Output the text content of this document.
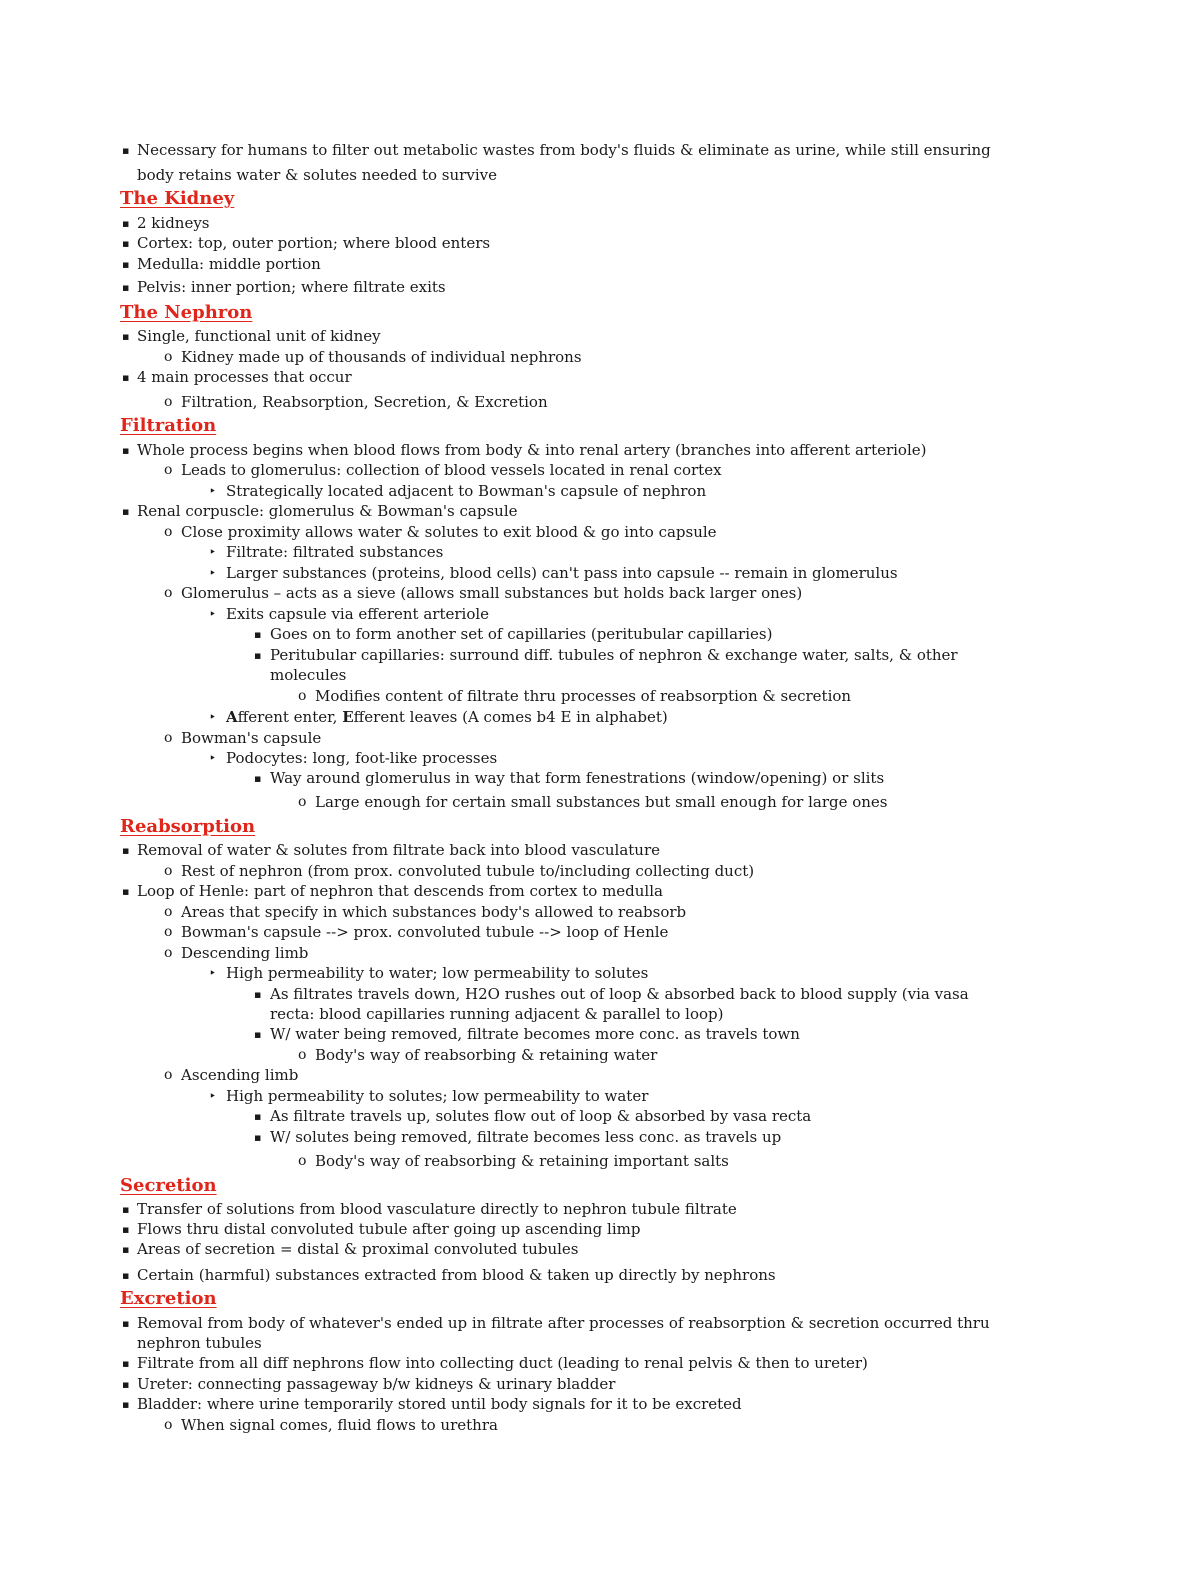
▪
Necessary for humans to filter out metabolic wastes from body's fluids & eliminate as urine, while still ensuring
body retains water & solutes needed to survive
The Kidney
▪
2 kidneys
▪
Cortex: top, outer portion; where blood enters
▪
Medulla: middle portion
▪
Pelvis: inner portion; where filtrate exits
The Nephron
▪
Single, functional unit of kidney
o
Kidney made up of thousands of individual nephrons
▪
4 main processes that occur
o
Filtration, Reabsorption, Secretion, & Excretion
Filtration
▪
Whole process begins when blood flows from body & into renal artery (branches into afferent arteriole)
o
Leads to glomerulus: collection of blood vessels located in renal cortex
‣
Strategically located adjacent to Bowman's capsule of nephron
▪
Renal corpuscle: glomerulus & Bowman's capsule
o
Close proximity allows water & solutes to exit blood & go into capsule
‣
Filtrate: filtrated substances
‣
Larger substances (proteins, blood cells) can't pass into capsule -- remain in glomerulus
o
Glomerulus – acts as a sieve (allows small substances but holds back larger ones)
‣
Exits capsule via efferent arteriole
▪
Goes on to form another set of capillaries (peritubular capillaries)
▪
Peritubular capillaries: surround diff. tubules of nephron & exchange water, salts, & other
molecules
o
Modifies content of filtrate thru processes of reabsorption & secretion
‣
Afferent enter, Efferent leaves (A comes b4 E in alphabet)
o
Bowman's capsule
‣
Podocytes: long, foot-like processes
▪
Way around glomerulus in way that form fenestrations (window/opening) or slits
o
Large enough for certain small substances but small enough for large ones
Reabsorption
▪
Removal of water & solutes from filtrate back into blood vasculature
o
Rest of nephron (from prox. convoluted tubule to/including collecting duct)
▪
Loop of Henle: part of nephron that descends from cortex to medulla
o
Areas that specify in which substances body's allowed to reabsorb
o
Bowman's capsule --> prox. convoluted tubule --> loop of Henle
o
Descending limb
‣
High permeability to water; low permeability to solutes
▪
As filtrates travels down, H2O rushes out of loop & absorbed back to blood supply (via vasa
recta: blood capillaries running adjacent & parallel to loop)
▪
W/ water being removed, filtrate becomes more conc. as travels town
o
Body's way of reabsorbing & retaining water
o
Ascending limb
‣
High permeability to solutes; low permeability to water
▪
As filtrate travels up, solutes flow out of loop & absorbed by vasa recta
▪
W/ solutes being removed, filtrate becomes less conc. as travels up
o
Body's way of reabsorbing & retaining important salts
Secretion
▪
Transfer of solutions from blood vasculature directly to nephron tubule filtrate
▪
Flows thru distal convoluted tubule after going up ascending limp
▪
Areas of secretion = distal & proximal convoluted tubules
▪
Certain (harmful) substances extracted from blood & taken up directly by nephrons
Excretion
▪
Removal from body of whatever's ended up in filtrate after processes of reabsorption & secretion occurred thru
nephron tubules
▪
Filtrate from all diff nephrons flow into collecting duct (leading to renal pelvis & then to ureter)
▪
Ureter: connecting passageway b/w kidneys & urinary bladder
▪
Bladder: where urine temporarily stored until body signals for it to be excreted
o
When signal comes, fluid flows to urethra
